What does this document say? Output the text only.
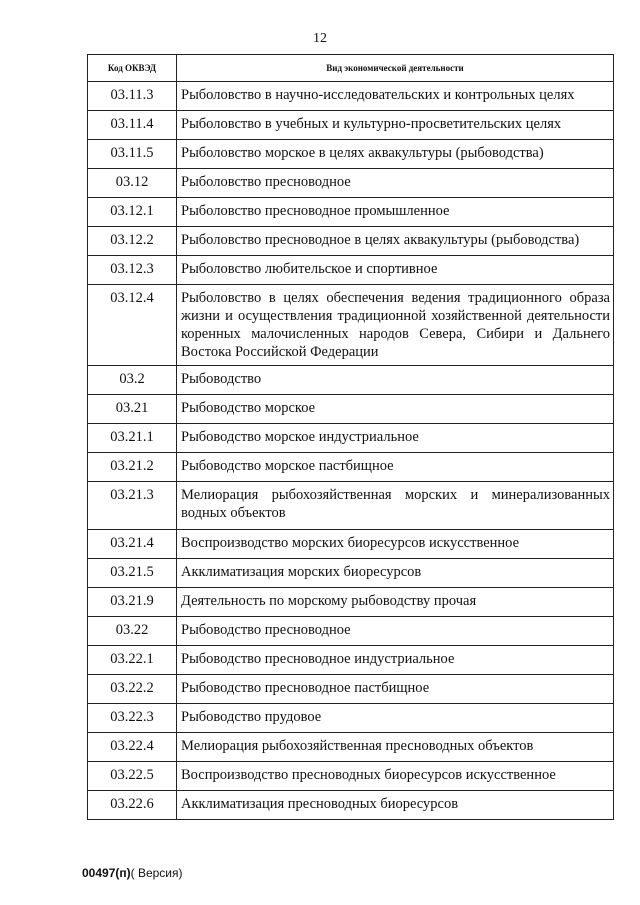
12
Код ОКВЭД	Вид экономической деятельности
03.11.3	Рыболовство в научно-исследовательских и контрольных целях
03.11.4	Рыболовство в учебных и культурно-просветительских целях
03.11.5	Рыболовство морское в целях аквакультуры (рыбоводства)
03.12	Рыболовство пресноводное
03.12.1	Рыболовство пресноводное промышленное
03.12.2	Рыболовство пресноводное в целях аквакультуры (рыбоводства)
03.12.3	Рыболовство любительское и спортивное
03.12.4	Рыболовство в целях обеспечения ведения традиционного образа жизни и осуществления традиционной хозяйственной деятельности коренных малочисленных народов Севера, Сибири и Дальнего Востока Российской Федерации
03.2	Рыбоводство
03.21	Рыбоводство морское
03.21.1	Рыбоводство морское индустриальное
03.21.2	Рыбоводство морское пастбищное
03.21.3	Мелиорация рыбохозяйственная морских и минерализованных водных объектов
03.21.4	Воспроизводство морских биоресурсов искусственное
03.21.5	Акклиматизация морских биоресурсов
03.21.9	Деятельность по морскому рыбоводству прочая
03.22	Рыбоводство пресноводное
03.22.1	Рыбоводство пресноводное индустриальное
03.22.2	Рыбоводство пресноводное пастбищное
03.22.3	Рыбоводство прудовое
03.22.4	Мелиорация рыбохозяйственная пресноводных объектов
03.22.5	Воспроизводство пресноводных биоресурсов искусственное
03.22.6	Акклиматизация пресноводных биоресурсов
00497(п)( Версия)
